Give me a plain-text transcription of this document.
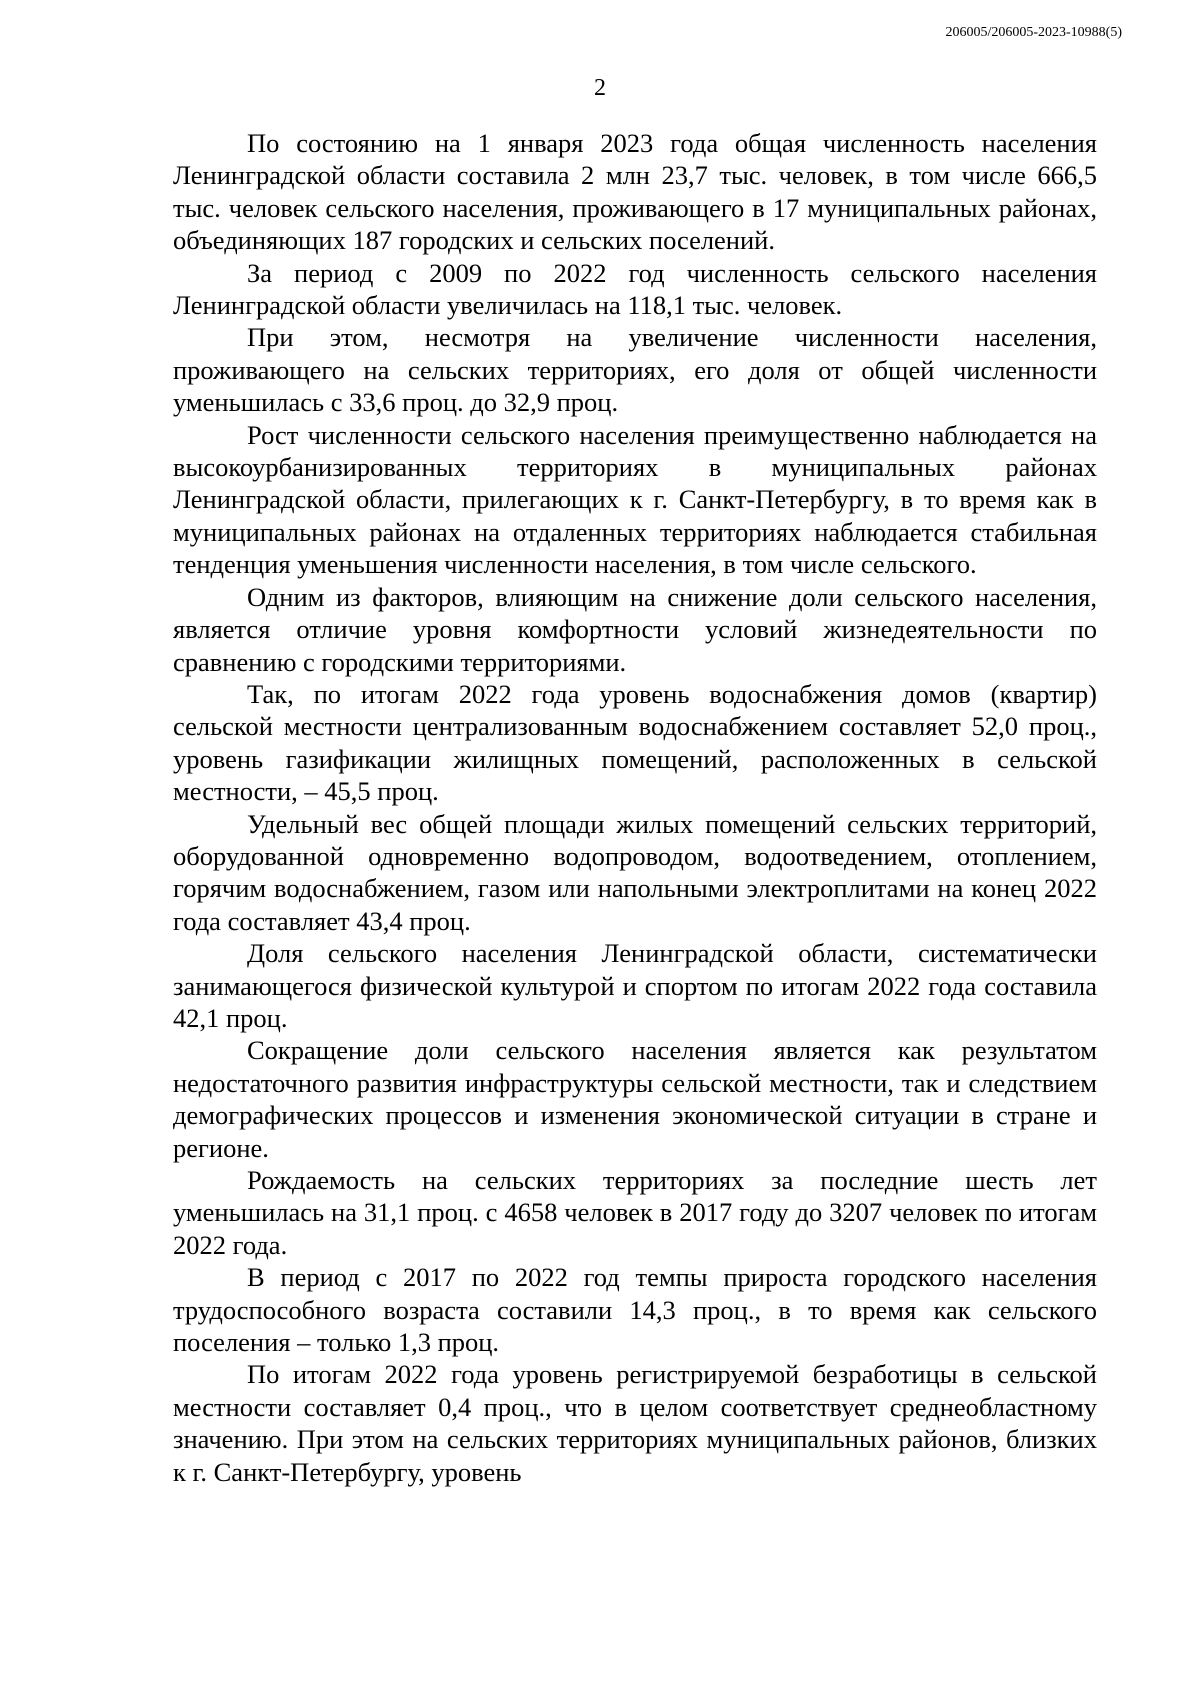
206005/206005-2023-10988(5)
2

По состоянию на 1 января 2023 года общая численность населения Ленинградской области составила 2 млн 23,7 тыс. человек, в том числе 666,5 тыс. человек сельского населения, проживающего в 17 муниципальных районах, объединяющих 187 городских и сельских поселений.

За период с 2009 по 2022 год численность сельского населения Ленинградской области увеличилась на 118,1 тыс. человек.

При этом, несмотря на увеличение численности населения, проживающего на сельских территориях, его доля от общей численности уменьшилась с 33,6 проц. до 32,9 проц.

Рост численности сельского населения преимущественно наблюдается на высокоурбанизированных территориях в муниципальных районах Ленинградской области, прилегающих к г. Санкт-Петербургу, в то время как в муниципальных районах на отдаленных территориях наблюдается стабильная тенденция уменьшения численности населения, в том числе сельского.

Одним из факторов, влияющим на снижение доли сельского населения, является отличие уровня комфортности условий жизнедеятельности по сравнению с городскими территориями.

Так, по итогам 2022 года уровень водоснабжения домов (квартир) сельской местности централизованным водоснабжением составляет 52,0 проц., уровень газификации жилищных помещений, расположенных в сельской местности, – 45,5 проц.

Удельный вес общей площади жилых помещений сельских территорий, оборудованной одновременно водопроводом, водоотведением, отоплением, горячим водоснабжением, газом или напольными электроплитами на конец 2022 года составляет 43,4 проц.

Доля сельского населения Ленинградской области, систематически занимающегося физической культурой и спортом по итогам 2022 года составила 42,1 проц.

Сокращение доли сельского населения является как результатом недостаточного развития инфраструктуры сельской местности, так и следствием демографических процессов и изменения экономической ситуации в стране и регионе.

Рождаемость на сельских территориях за последние шесть лет уменьшилась на 31,1 проц. с 4658 человек в 2017 году до 3207 человек по итогам 2022 года.

В период с 2017 по 2022 год темпы прироста городского населения трудоспособного возраста составили 14,3 проц., в то время как сельского поселения – только 1,3 проц.

По итогам 2022 года уровень регистрируемой безработицы в сельской местности составляет 0,4 проц., что в целом соответствует среднеобластному значению. При этом на сельских территориях муниципальных районов, близких к г. Санкт-Петербургу, уровень
